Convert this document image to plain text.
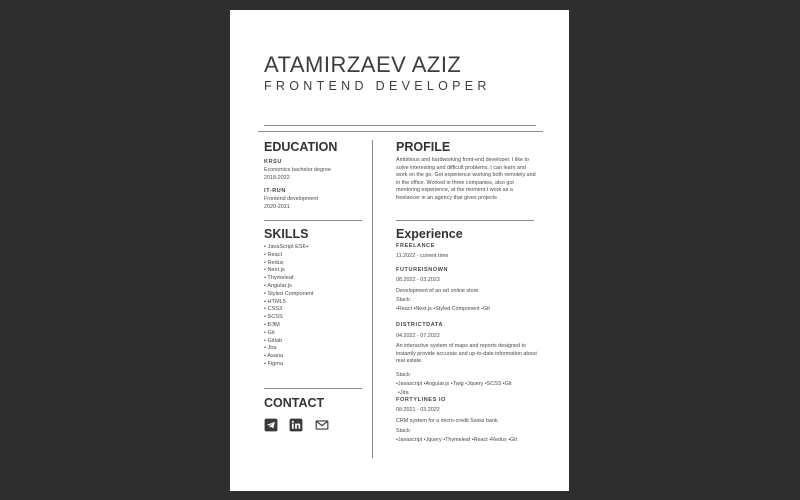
ATAMIRZAEV AZIZ
FRONTEND DEVELOPER
EDUCATION
KRSU
Economics bachelor degree
2018-2022
IT-RUN
Frontend development
2020-2021
SKILLS
• JavaScript ES6+
• React
• Redux
• Next.js
• Thymeleaf
• Angular.js
• Styled Component
• HTML5
• CSS3
• SCSS
• БЭМ
• Git
• Gitlab
• Jira
• Asana
• Figma
CONTACT
PROFILE
Ambitious and hardworking front-end developer. I like to solve interesting and difficult problems. I can learn and work on the go. Got experience working both remotely and in the office. Worked in three companies, also got mentoring experience, at the moment I work as a freelancer in an agency that gives projects
Experience
FREELANCE
11.2022 - current time
FUTUREISNOWN
08.2022 - 03.2023
Development of an art online store
Stack:
•React •Next.js •Styled Component •Git
DISTRICTDATA
04.2022 - 07.2022
An interactive system of maps and reports designed to instantly provide accurate and up-to-date information about real estate.
Stack:
•Javascript •Angular.js •Twig •Jquery •SCSS •Git
•Jira
FORTYLINES IO
08.2021 - 03.2022
CRM system for a micro-credit Swiss bank.
Stack:
•Javascript •Jquery •Thymeleaf •React •Redux •Git
